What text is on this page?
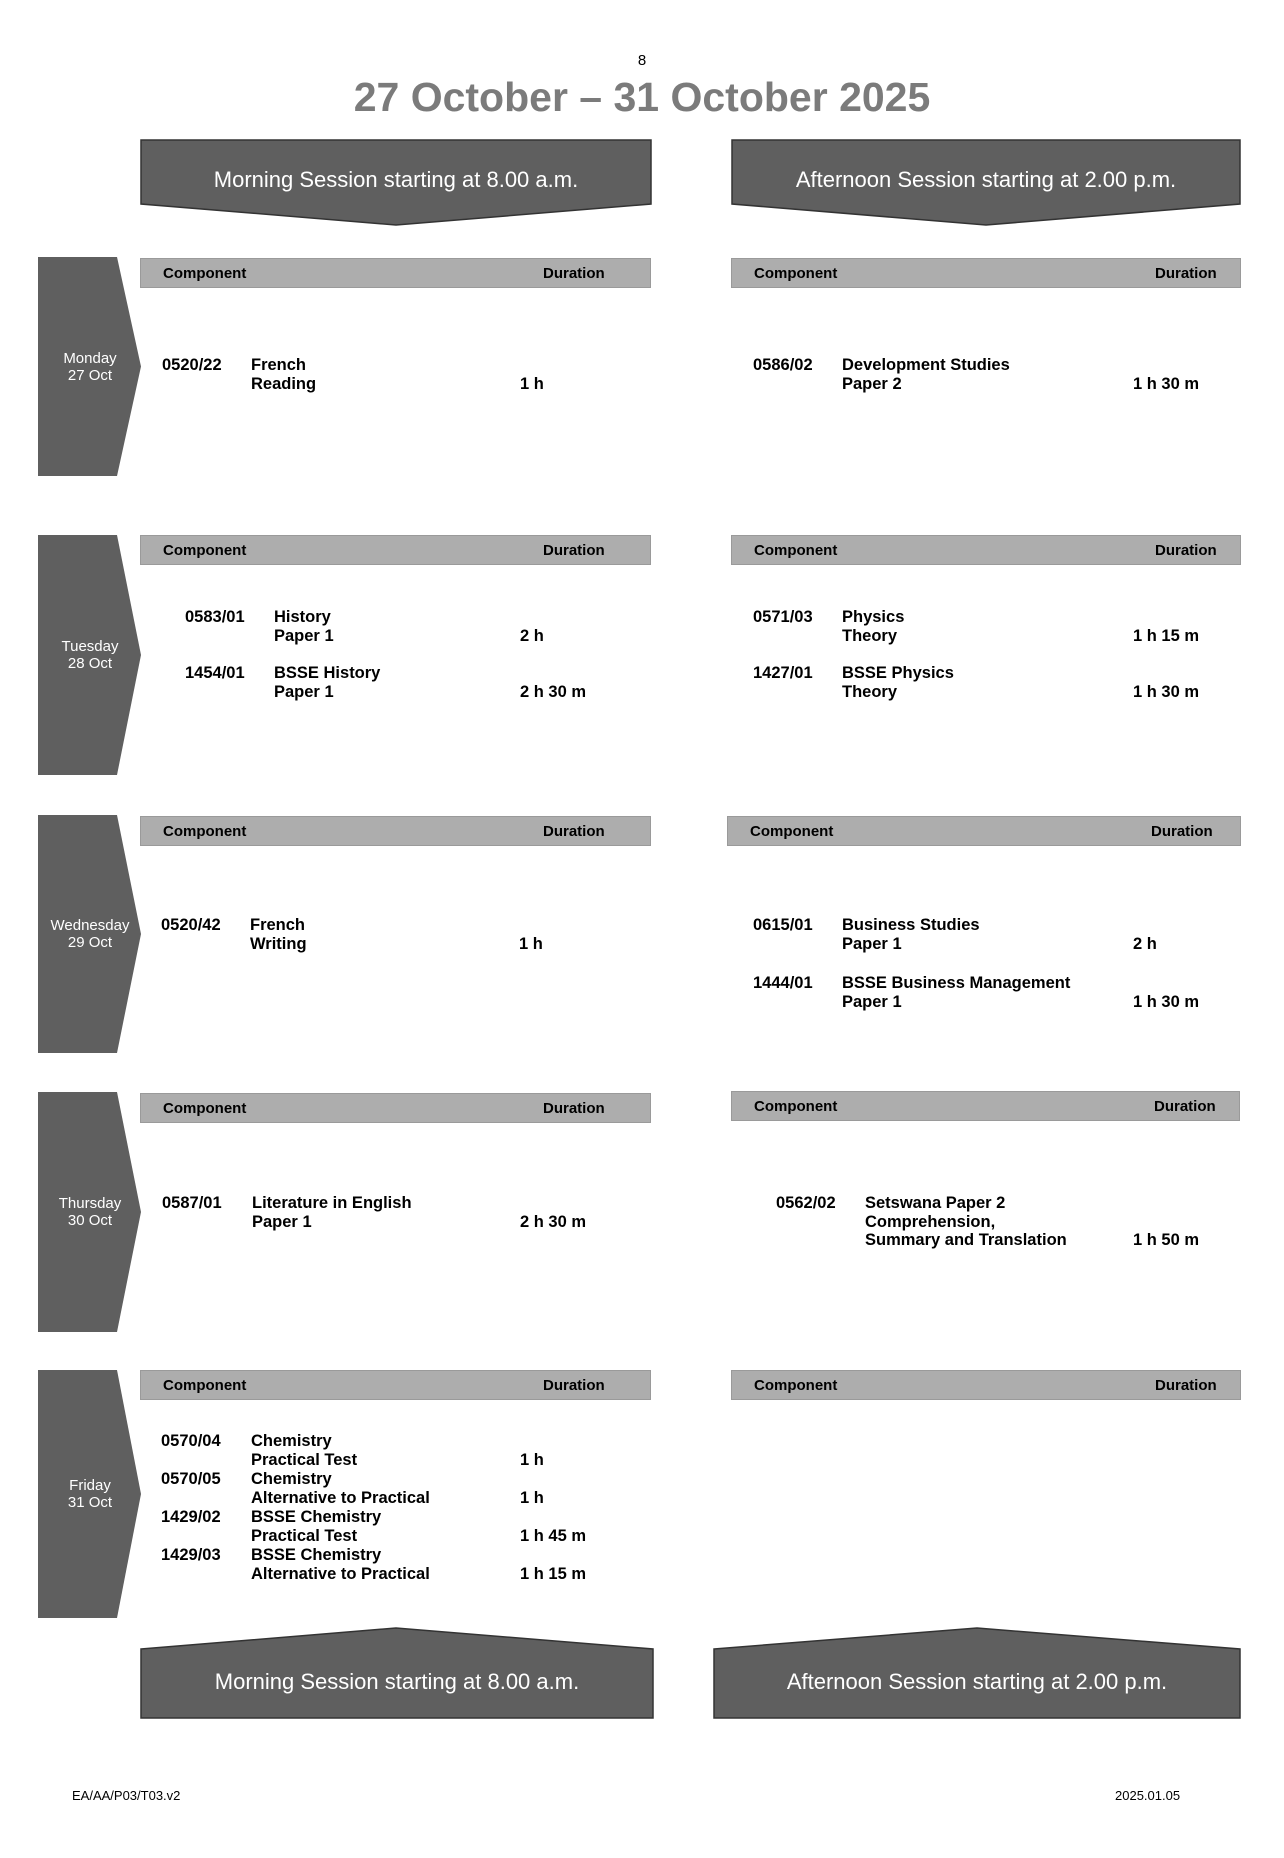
8
27 October – 31 October 2025
Morning Session starting at 8.00 a.m.	Afternoon Session starting at 2.00 p.m.
Morning Session starting at 8.00 a.m.	Afternoon Session starting at 2.00 p.m.
Monday
27 Oct
Component	Duration	Component	Duration
0520/22 French
Reading	1 h
0586/02 Development Studies
Paper 2	1 h 30 m
Tuesday
28 Oct
Component	Duration	Component	Duration
0583/01 History
Paper 1	2 h
1454/01 BSSE History
Paper 1	2 h 30 m
0571/03 Physics
Theory	1 h 15 m
1427/01 BSSE Physics
Theory	1 h 30 m
Wednesday
29 Oct
Component	Duration	Component	Duration
0520/42 French
Writing	1 h
0615/01 Business Studies
Paper 1	2 h
1444/01 BSSE Business Management
Paper 1	1 h 30 m
Thursday
30 Oct
Component	Duration	Component	Duration
0587/01 Literature in English
Paper 1	2 h 30 m
0562/02 Setswana Paper 2
Comprehension,
Summary and Translation	1 h 50 m
Friday
31 Oct
Component	Duration	Component	Duration
0570/04 Chemistry
Practical Test	1 h
0570/05 Chemistry
Alternative to Practical	1 h
1429/02 BSSE Chemistry
Practical Test	1 h 45 m
1429/03 BSSE Chemistry
Alternative to Practical	1 h 15 m
EA/AA/P03/T03.v2	2025.01.05
